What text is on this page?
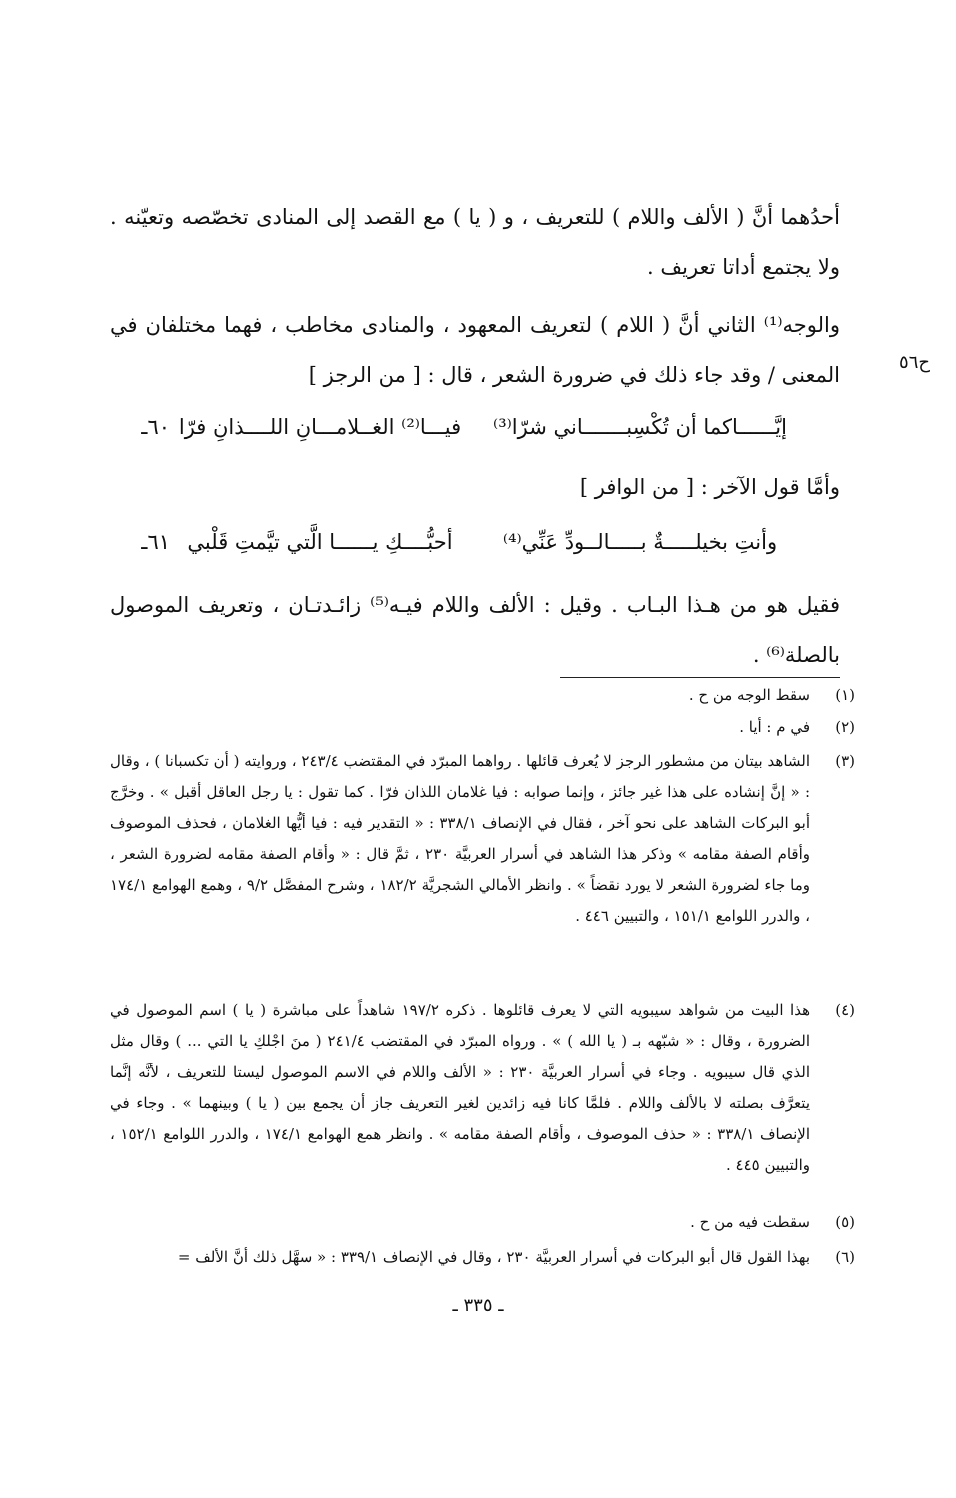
أحدُهما أنَّ ( الألف واللام ) للتعريف ، و ( يا ) مع القصد إلى المنادى تخصّصه وتعيّنه . ولا يجتمع أداتا تعريف .
والوجه⁽¹⁾ الثاني أنَّ ( اللام ) لتعريف المعهود ، والمنادى مخاطب ، فهما مختلفان في المعنى / وقد جاء ذلك في ضرورة الشعر ، قال : [ من الرجز ]
ح٥٦
٦٠ـ فيـــا⁽²⁾ الغــلامـــانِ اللــــذانِ فرّا	إيَّــــــاكما أن تُكْسِبـــــــاني شرّا⁽³⁾
وأمَّا قول الآخر : [ من الوافر ]
٦١ـ أحبُّــــكِ يــــــا الَّتي تيَّمتِ قَلْبي	وأنتِ بخيلـــــةٌ بـــــالــودِّ عَنِّي⁽⁴⁾
فقيل هو من هـذا البـاب . وقيل : الألف واللام فيـه⁽⁵⁾ زائـدتـان ، وتعريف الموصول بالصلة⁽⁶⁾ .
(١)
سقط الوجه من ح .
(٢)
في م : أيا .
(٣)
الشاهد بيتان من مشطور الرجز لا يُعرف قائلها . رواهما المبرّد في المقتضب ٢٤٣/٤ ، وروايته ( أن تكسبانا ) ، وقال : « إنَّ إنشاده على هذا غير جائز ، وإنما صوابه : فيا غلامان اللذان فرّا . كما تقول : يا رجل العاقل أقبل » . وخرَّج أبو البركات الشاهد على نحو آخر ، فقال في الإنصاف ٣٣٨/١ : « التقدير فيه : فيا أيُّها الغلامان ، فحذف الموصوف وأقام الصفة مقامه » وذكر هذا الشاهد في أسرار العربيَّة ٢٣٠ ، ثمَّ قال : « وأقام الصفة مقامه لضرورة الشعر ، وما جاء لضرورة الشعر لا يورد نقضاً » . وانظر الأمالي الشجريَّة ١٨٢/٢ ، وشرح المفصَّل ٩/٢ ، وهمع الهوامع ١٧٤/١ ، والدرر اللوامع ١٥١/١ ، والتبيين ٤٤٦ .
(٤)
هذا البيت من شواهد سيبويه التي لا يعرف قائلوها . ذكره ١٩٧/٢ شاهداً على مباشرة ( يا ) اسم الموصول في الضرورة ، وقال : « شبّهه بـ ( يا الله ) » . ورواه المبرّد في المقتضب ٢٤١/٤ ( منَ اجْلكِ يا التي ... ) وقال مثل الذي قال سيبويه . وجاء في أسرار العربيَّة ٢٣٠ : « الألف واللام في الاسم الموصول ليستا للتعريف ، لأنَّه إنَّما يتعرَّف بصلته لا بالألف واللام . فلمَّا كانا فيه زائدين لغير التعريف جاز أن يجمع بين ( يا ) وبينهما » . وجاء في الإنصاف ٣٣٨/١ : « حذف الموصوف ، وأقام الصفة مقامه » . وانظر همع الهوامع ١٧٤/١ ، والدرر اللوامع ١٥٢/١ ، والتبيين ٤٤٥ .
(٥)
سقطت فيه من ح .
(٦)
بهذا القول قال أبو البركات في أسرار العربيَّة ٢٣٠ ، وقال في الإنصاف ٣٣٩/١ : « سهَّل ذلك أنَّ الألف =
ـ ٣٣٥ ـ
